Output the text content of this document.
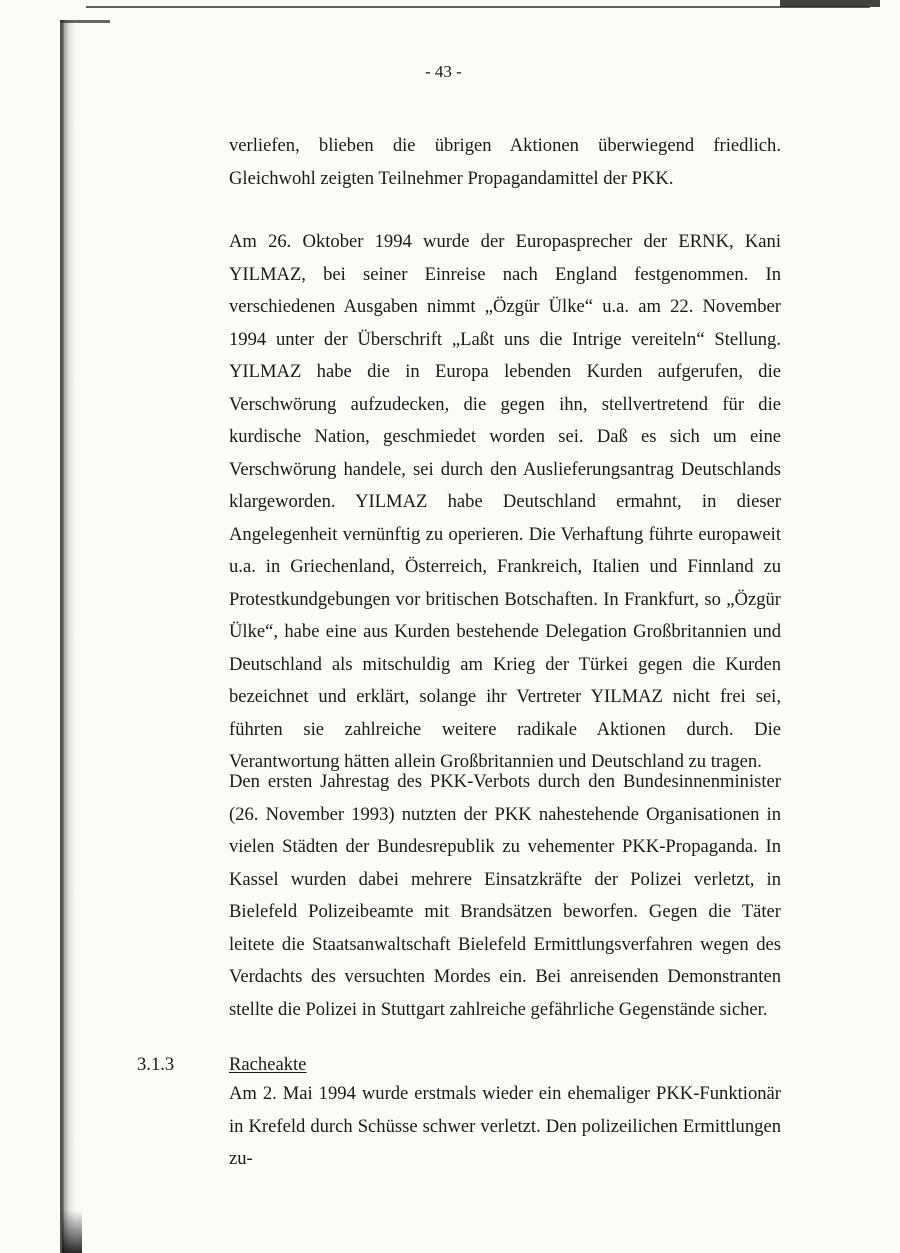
- 43 -

verliefen, blieben die übrigen Aktionen überwiegend friedlich. Gleichwohl zeigten Teilnehmer Propagandamittel der PKK.

Am 26. Oktober 1994 wurde der Europasprecher der ERNK, Kani YILMAZ, bei seiner Einreise nach England festgenommen. In verschiedenen Ausgaben nimmt „Özgür Ülke“ u.a. am 22. November 1994 unter der Überschrift „Laßt uns die Intrige vereiteln“ Stellung. YILMAZ habe die in Europa lebenden Kurden aufgerufen, die Verschwörung aufzudecken, die gegen ihn, stellvertretend für die kurdische Nation, geschmiedet worden sei. Daß es sich um eine Verschwörung handele, sei durch den Auslieferungsantrag Deutschlands klargeworden. YILMAZ habe Deutschland ermahnt, in dieser Angelegenheit vernünftig zu operieren. Die Verhaftung führte europaweit u.a. in Griechenland, Österreich, Frankreich, Italien und Finnland zu Protestkundgebungen vor britischen Botschaften. In Frankfurt, so „Özgür Ülke“, habe eine aus Kurden bestehende Delegation Großbritannien und Deutschland als mitschuldig am Krieg der Türkei gegen die Kurden bezeichnet und erklärt, solange ihr Vertreter YILMAZ nicht frei sei, führten sie zahlreiche weitere radikale Aktionen durch. Die Verantwortung hätten allein Großbritannien und Deutschland zu tragen.

Den ersten Jahrestag des PKK-Verbots durch den Bundesinnenminister (26. November 1993) nutzten der PKK nahestehende Organisationen in vielen Städten der Bundesrepublik zu vehementer PKK-Propaganda. In Kassel wurden dabei mehrere Einsatzkräfte der Polizei verletzt, in Bielefeld Polizeibeamte mit Brandsätzen beworfen. Gegen die Täter leitete die Staatsanwaltschaft Bielefeld Ermittlungsverfahren wegen des Verdachts des versuchten Mordes ein. Bei anreisenden Demonstranten stellte die Polizei in Stuttgart zahlreiche gefährliche Gegenstände sicher.

3.1.3	Racheakte

Am 2. Mai 1994 wurde erstmals wieder ein ehemaliger PKK-Funktionär in Krefeld durch Schüsse schwer verletzt. Den polizeilichen Ermittlungen zu-
